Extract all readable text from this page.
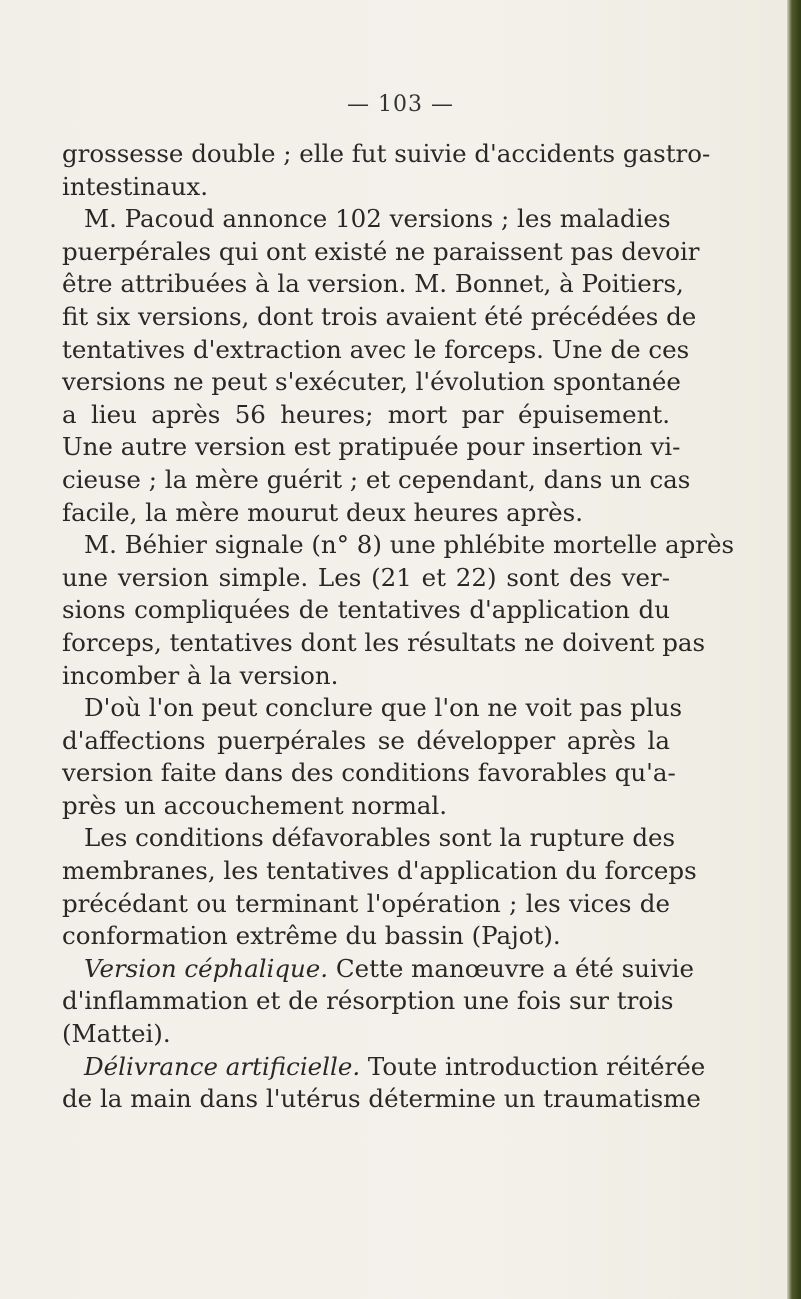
— 103 —
grossesse double ; elle fut suivie d'accidents gastro-
intestinaux.
M. Pacoud annonce 102 versions ; les maladies
puerpérales qui ont existé ne paraissent pas devoir
être attribuées à la version. M. Bonnet, à Poitiers,
fit six versions, dont trois avaient été précédées de
tentatives d'extraction avec le forceps. Une de ces
versions ne peut s'exécuter, l'évolution spontanée
a lieu après 56 heures; mort par épuisement.
Une autre version est pratipuée pour insertion vi-
cieuse ; la mère guérit ; et cependant, dans un cas
facile, la mère mourut deux heures après.
M. Béhier signale (n° 8) une phlébite mortelle après
une version simple. Les (21 et 22) sont des ver-
sions compliquées de tentatives d'application du
forceps, tentatives dont les résultats ne doivent pas
incomber à la version.
D'où l'on peut conclure que l'on ne voit pas plus
d'affections puerpérales se développer après la
version faite dans des conditions favorables qu'a-
près un accouchement normal.
Les conditions défavorables sont la rupture des
membranes, les tentatives d'application du forceps
précédant ou terminant l'opération ; les vices de
conformation extrême du bassin (Pajot).
Version céphalique. Cette manœuvre a été suivie
d'inflammation et de résorption une fois sur trois
(Mattei).
Délivrance artificielle. Toute introduction réitérée
de la main dans l'utérus détermine un traumatisme
